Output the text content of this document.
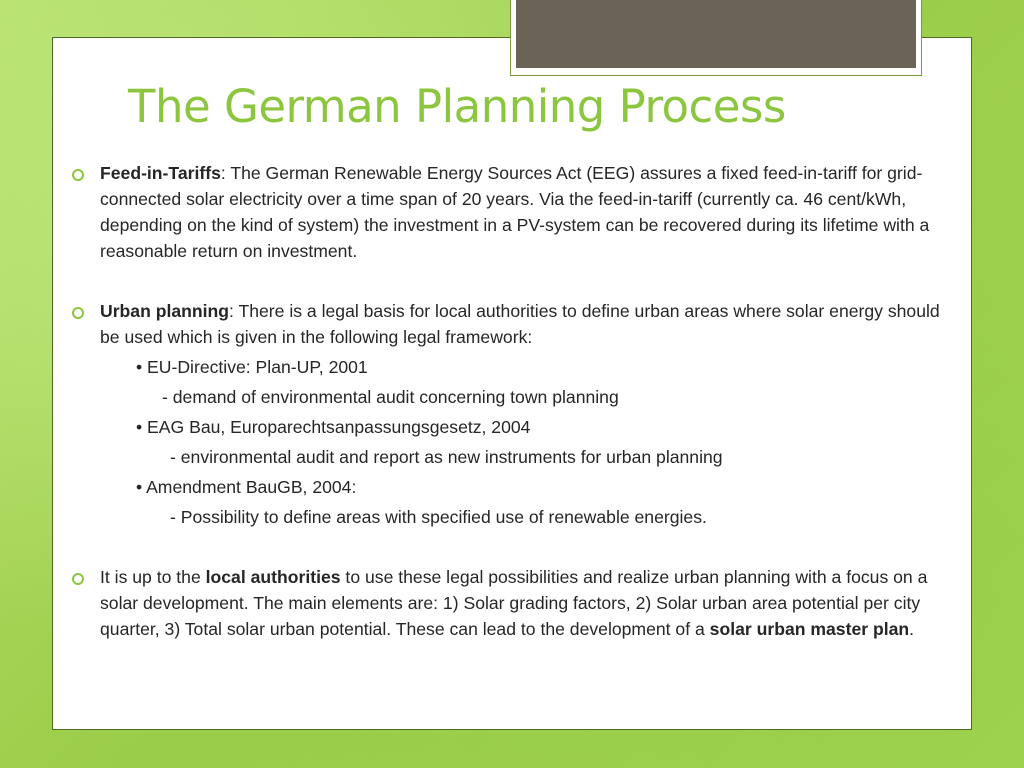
The German Planning Process

Feed-in-Tariffs: The German Renewable Energy Sources Act (EEG) assures a fixed feed-in-tariff for grid-connected solar electricity over a time span of 20 years. Via the feed-in-tariff (currently ca. 46 cent/kWh, depending on the kind of system) the investment in a PV-system can be recovered during its lifetime with a reasonable return on investment.

Urban planning: There is a legal basis for local authorities to define urban areas where solar energy should be used which is given in the following legal framework:

• EU-Directive: Plan-UP, 2001

- demand of environmental audit concerning town planning

• EAG Bau, Europarechtsanpassungsgesetz, 2004

- environmental audit and report as new instruments for urban planning

• Amendment BauGB, 2004:

- Possibility to define areas with specified use of renewable energies.

It is up to the local authorities to use these legal possibilities and realize urban planning with a focus on a solar development. The main elements are: 1) Solar grading factors, 2) Solar urban area potential per city quarter, 3) Total solar urban potential. These can lead to the development of a solar urban master plan.
